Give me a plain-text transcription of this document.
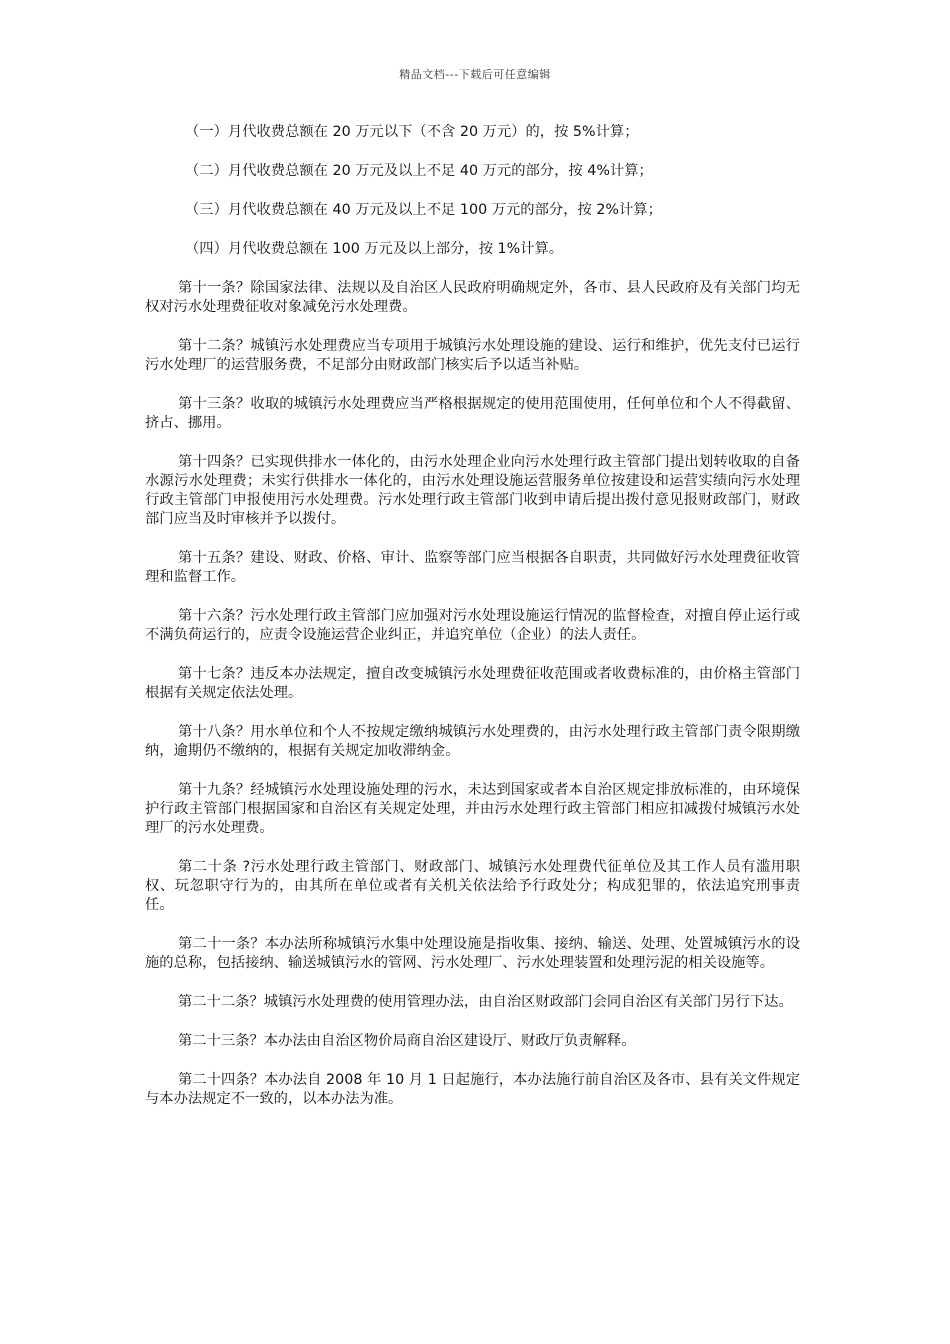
精品文档---下载后可任意编辑

（一）月代收费总额在 20 万元以下（不含 20 万元）的，按 5%计算；

（二）月代收费总额在 20 万元及以上不足 40 万元的部分，按 4%计算；

（三）月代收费总额在 40 万元及以上不足 100 万元的部分，按 2%计算；

（四）月代收费总额在 100 万元及以上部分，按 1%计算。

第十一条？除国家法律、法规以及自治区人民政府明确规定外，各市、县人民政府及有关部门均无权对污水处理费征收对象减免污水处理费。

第十二条？城镇污水处理费应当专项用于城镇污水处理设施的建设、运行和维护，优先支付已运行污水处理厂的运营服务费，不足部分由财政部门核实后予以适当补贴。

第十三条？收取的城镇污水处理费应当严格根据规定的使用范围使用，任何单位和个人不得截留、挤占、挪用。

第十四条？已实现供排水一体化的，由污水处理企业向污水处理行政主管部门提出划转收取的自备水源污水处理费；未实行供排水一体化的，由污水处理设施运营服务单位按建设和运营实绩向污水处理行政主管部门申报使用污水处理费。污水处理行政主管部门收到申请后提出拨付意见报财政部门，财政部门应当及时审核并予以拨付。

第十五条？建设、财政、价格、审计、监察等部门应当根据各自职责，共同做好污水处理费征收管理和监督工作。

第十六条？污水处理行政主管部门应加强对污水处理设施运行情况的监督检查，对擅自停止运行或不满负荷运行的，应责令设施运营企业纠正，并追究单位（企业）的法人责任。

第十七条？违反本办法规定，擅自改变城镇污水处理费征收范围或者收费标准的，由价格主管部门根据有关规定依法处理。

第十八条？用水单位和个人不按规定缴纳城镇污水处理费的，由污水处理行政主管部门责令限期缴纳，逾期仍不缴纳的，根据有关规定加收滞纳金。

第十九条？经城镇污水处理设施处理的污水，未达到国家或者本自治区规定排放标准的，由环境保护行政主管部门根据国家和自治区有关规定处理，并由污水处理行政主管部门相应扣减拨付城镇污水处理厂的污水处理费。

第二十条 ?污水处理行政主管部门、财政部门、城镇污水处理费代征单位及其工作人员有滥用职权、玩忽职守行为的，由其所在单位或者有关机关依法给予行政处分；构成犯罪的，依法追究刑事责任。

第二十一条？本办法所称城镇污水集中处理设施是指收集、接纳、输送、处理、处置城镇污水的设施的总称，包括接纳、输送城镇污水的管网、污水处理厂、污水处理装置和处理污泥的相关设施等。

第二十二条？城镇污水处理费的使用管理办法，由自治区财政部门会同自治区有关部门另行下达。

第二十三条？本办法由自治区物价局商自治区建设厅、财政厅负责解释。

第二十四条？本办法自 2008 年 10 月 1 日起施行，本办法施行前自治区及各市、县有关文件规定与本办法规定不一致的，以本办法为准。
